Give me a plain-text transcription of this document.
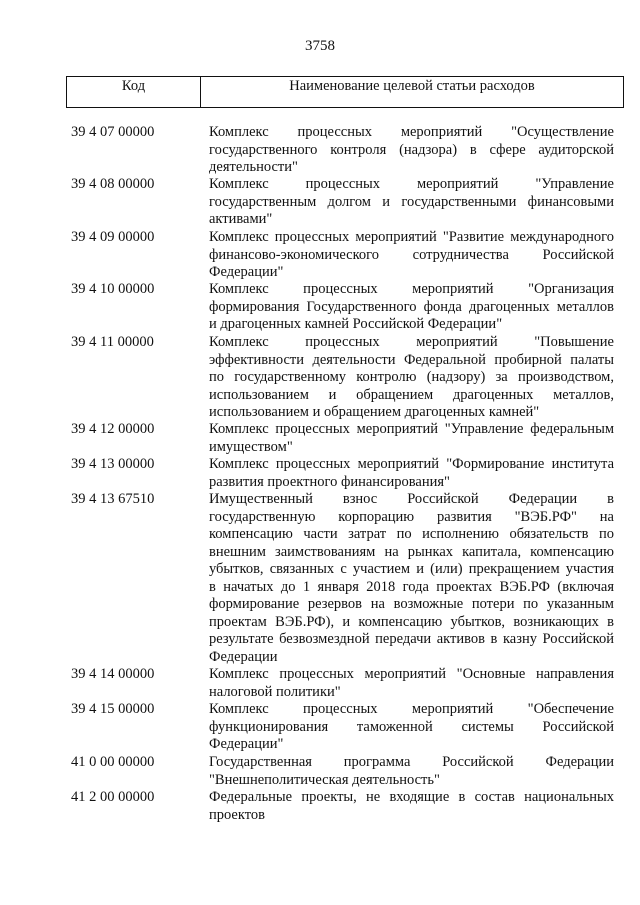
3758
Код	Наименование целевой статьи расходов
39 4 07 00000	Комплекс процессных мероприятий "Осуществление
государственного контроля (надзора) в сфере аудиторской
деятельности"
39 4 08 00000	Комплекс процессных мероприятий "Управление
государственным долгом и государственными финансовыми
активами"
39 4 09 00000	Комплекс процессных мероприятий "Развитие международного
финансово-экономического сотрудничества Российской
Федерации"
39 4 10 00000	Комплекс процессных мероприятий "Организация
формирования Государственного фонда драгоценных металлов
и драгоценных камней Российской Федерации"
39 4 11 00000	Комплекс процессных мероприятий "Повышение
эффективности деятельности Федеральной пробирной палаты
по государственному контролю (надзору) за производством,
использованием и обращением драгоценных металлов,
использованием и обращением драгоценных камней"
39 4 12 00000	Комплекс процессных мероприятий "Управление федеральным
имуществом"
39 4 13 00000	Комплекс процессных мероприятий "Формирование института
развития проектного финансирования"
39 4 13 67510	Имущественный взнос Российской Федерации в
государственную корпорацию развития "ВЭБ.РФ" на
компенсацию части затрат по исполнению обязательств по
внешним заимствованиям на рынках капитала, компенсацию
убытков, связанных с участием и (или) прекращением участия
в начатых до 1 января 2018 года проектах ВЭБ.РФ (включая
формирование резервов на возможные потери по указанным
проектам ВЭБ.РФ), и компенсацию убытков, возникающих в
результате безвозмездной передачи активов в казну Российской
Федерации
39 4 14 00000	Комплекс процессных мероприятий "Основные направления
налоговой политики"
39 4 15 00000	Комплекс процессных мероприятий "Обеспечение
функционирования таможенной системы Российской
Федерации"
41 0 00 00000	Государственная программа Российской Федерации
"Внешнеполитическая деятельность"
41 2 00 00000	Федеральные проекты, не входящие в состав национальных
проектов
